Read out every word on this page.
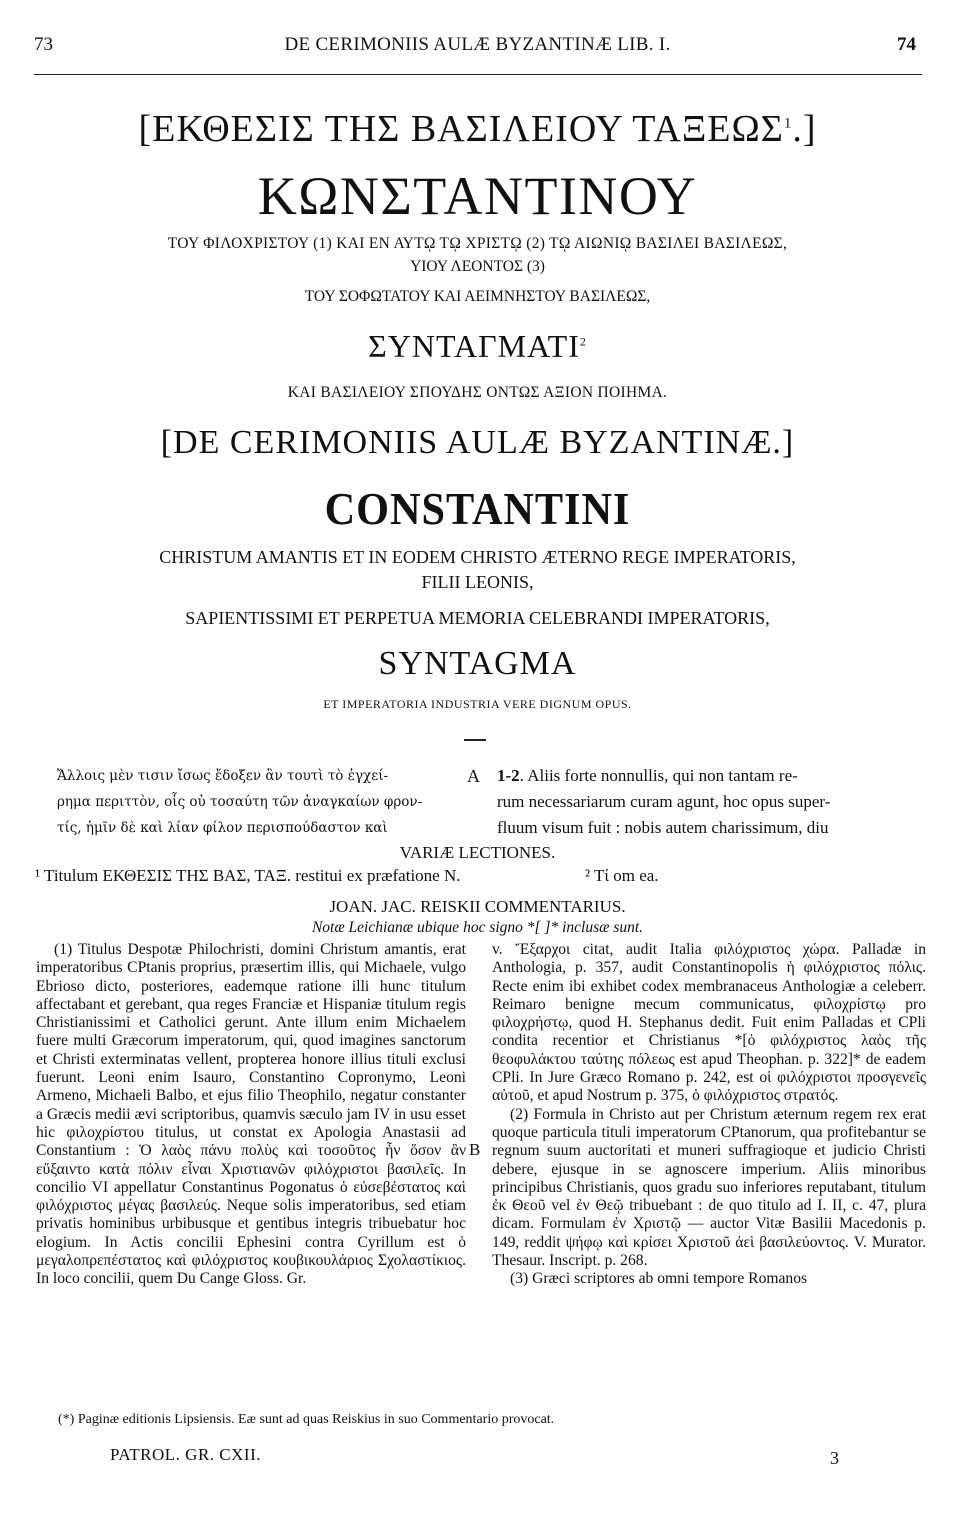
73	DE CERIMONIIS AULÆ BYZANTINÆ LIB. I.	74
[ΕΚΘΕΣΙΣ ΤΗΣ ΒΑΣΙΛΕΙΟΥ ΤΑΞΕΩΣ$^1$.]
ΚΩΝΣΤΑΝΤΙΝΟΥ
ΤΟΥ ΦΙΛΟΧΡΙΣΤΟΥ (1) ΚΑΙ ΕΝ ΑΥΤῼ Τῼ ΧΡΙΣΤῼ (2) Τῼ ΑΙΩΝΙῼ ΒΑΣΙΛΕΙ ΒΑΣΙΛΕΩΣ,
ΥΙΟΥ ΛΕΟΝΤΟΣ (3)
ΤΟΥ ΣΟΦΩΤΑΤΟΥ ΚΑΙ ΑΕΙΜΝΗΣΤΟΥ ΒΑΣΙΛΕΩΣ,
ΣΥΝΤΑΓΜΑΤΙ$^2$
ΚΑΙ ΒΑΣΙΛΕΙΟΥ ΣΠΟΥΔΗΣ ΟΝΤΩΣ ΑΞΙΟΝ ΠΟΙΗΜΑ.
[DE CERIMONIIS AULÆ BYZANTINÆ.]
CONSTANTINI
CHRISTUM AMANTIS ET IN EODEM CHRISTO ÆTERNO REGE IMPERATORIS,
FILII LEONIS,
SAPIENTISSIMI ET PERPETUA MEMORIA CELEBRANDI IMPERATORIS,
SYNTAGMA
ET IMPERATORIA INDUSTRIA VERE DIGNUM OPUS.
Ἄλλοις μὲν τισιν ἴσως ἔδοξεν ἂν τουτὶ τὸ ἐγχεί-
ρημα περιττὸν, οἷς οὐ τοσαύτη τῶν ἀναγκαίων φρον-
τίς, ἡμῖν δὲ καὶ λίαν φίλον περισπούδαστον καὶ
A 1-2. Aliis forte nonnullis, qui non tantam re-
rum necessariarum curam agunt, hoc opus super-
fluum visum fuit : nobis autem charissimum, diu
VARIÆ LECTIONES.
¹ Titulum ΕΚΘΕΣΙΣ ΤΗΣ ΒΑΣ, ΤΑΞ. restitui ex præfatione N.	² Τί om ea.
JOAN. JAC. REISKII COMMENTARIUS.
Notæ Leichianæ ubique hoc signo *[ ]* inclusæ sunt.

(1) Titulus Despotæ Philochristi, domini Christum amantis, erat imperatoribus CPtanis proprius, præsertim illis, qui Michaele, vulgo Ebrioso dicto, posteriores, eademque ratione illi hunc titulum affectabant et gerebant, qua reges Franciæ et Hispaniæ titulum regis Christianissimi et Catholici gerunt. Ante illum enim Michaelem fuere multi Græcorum imperatorum, qui, quod imagines sanctorum et Christi exterminatas vellent, propterea honore illius tituli exclusi fuerunt. Leoni enim Isauro, Constantino Copronymo, Leoni Armeno, Michaeli Balbo, et ejus filio Theophilo, negatur constanter a Græcis medii ævi scriptoribus, quamvis sæculo jam IV in usu esset hic φιλοχρίστου titulus, ut constat ex Apologia Anastasii ad Constantium : Ὁ λαὸς πάνυ πολὺς καὶ τοσοῦτος ἦν ὅσον ἂν εὔξαιντο κατὰ πόλιν εἶναι Χριστιανῶν φιλόχριστοι βασιλεῖς. In concilio VI appellatur Constantinus Pogonatus ὁ εὐσεβέστατος καὶ φιλόχριστος μέγας βασιλεύς. Neque solis imperatoribus, sed etiam privatis hominibus urbibusque et gentibus integris tribuebatur hoc elogium. In Actis concilii Ephesini contra Cyrillum est ὁ μεγαλοπρεπέστατος καὶ φιλόχριστος κουβικουλάριος Σχολαστίκιος. In loco concilii, quem Du Cange Gloss. Gr.

B

v. Ἔξαρχοι citat, audit Italia φιλόχριστος χώρα. Palladæ in Anthologia, p. 357, audit Constantinopolis ἡ φιλόχριστος πόλις. Recte enim ibi exhibet codex membranaceus Anthologiæ a celeberr. Reimaro benigne mecum communicatus, φιλοχρίστῳ pro φιλοχρήστῳ, quod H. Stephanus dedit. Fuit enim Palladas et CPli condita recentior et Christianus *[ὁ φιλόχριστος λαὸς τῆς θεοφυλάκτου ταύτης πόλεως est apud Theophan. p. 322]* de eadem CPli. In Jure Græco Romano p. 242, est οἱ φιλόχριστοι προσγενεῖς αὐτοῦ, et apud Nostrum p. 375, ὁ φιλόχριστος στρατός.

(2) Formula in Christo aut per Christum æternum regem rex erat quoque particula tituli imperatorum CPtanorum, qua profitebantur se regnum suum auctoritati et muneri suffragioque et judicio Christi debere, ejusque in se agnoscere imperium. Aliis minoribus principibus Christianis, quos gradu suo inferiores reputabant, titulum ἐκ Θεοῦ vel ἐν Θεῷ tribuebant : de quo titulo ad I. II, c. 47, plura dicam. Formulam ἐν Χριστῷ — auctor Vitæ Basilii Macedonis p. 149, reddit ψήφῳ καὶ κρίσει Χριστοῦ ἀεὶ βασιλεύοντος. V. Murator. Thesaur. Inscript. p. 268.

(3) Græci scriptores ab omni tempore Romanos

(*) Paginæ editionis Lipsiensis. Eæ sunt ad quas Reiskius in suo Commentario provocat.
PATROL. GR. CXII.	3
